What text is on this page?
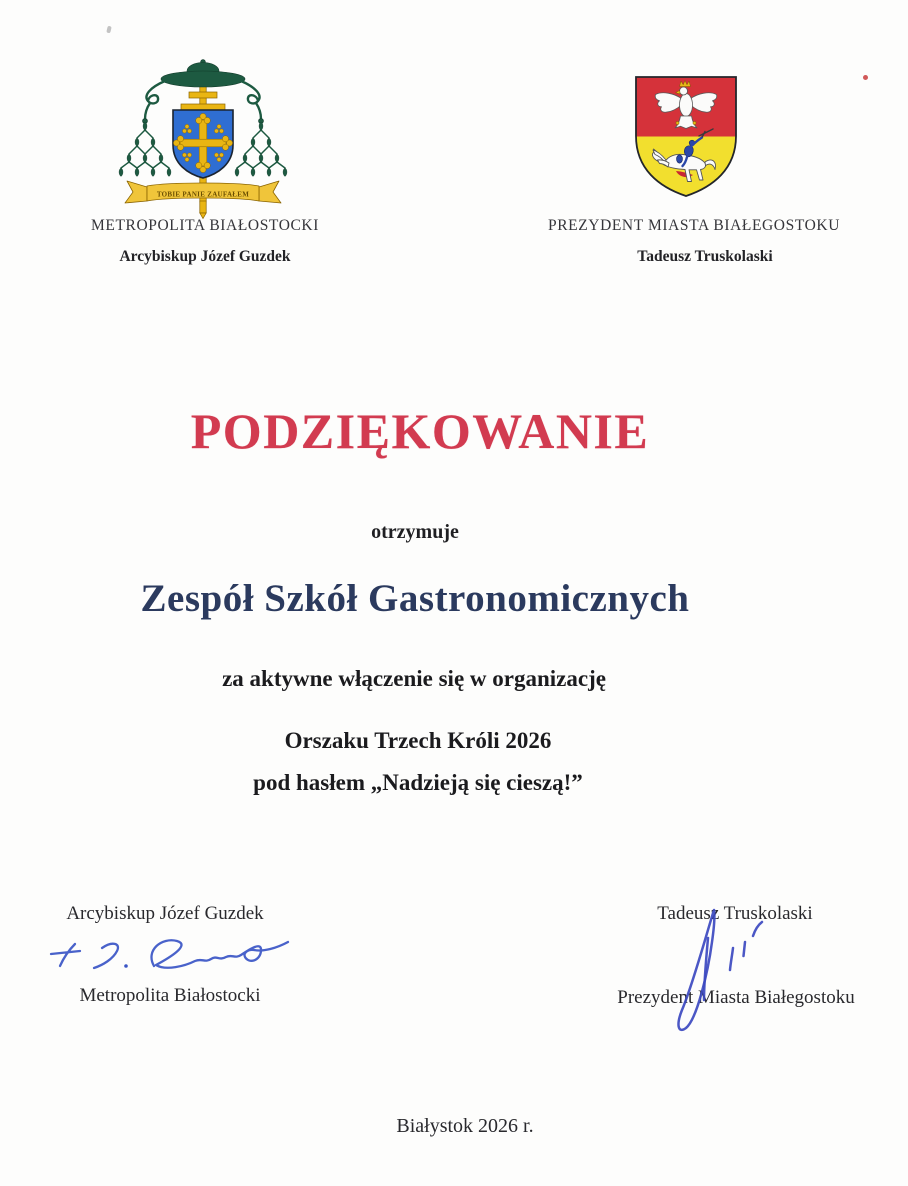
TOBIE PANIE ZAUFAŁEM
METROPOLITA BIAŁOSTOCKI
Arcybiskup Józef Guzdek
PREZYDENT MIASTA BIAŁEGOSTOKU
Tadeusz Truskolaski
PODZIĘKOWANIE
otrzymuje
Zespół Szkół Gastronomicznych
za aktywne włączenie się w organizację
Orszaku Trzech Króli 2026
pod hasłem „Nadzieją się cieszą!”
Arcybiskup Józef Guzdek
Metropolita Białostocki
Tadeusz Truskolaski
Prezydent Miasta Białegostoku
Białystok 2026 r.
